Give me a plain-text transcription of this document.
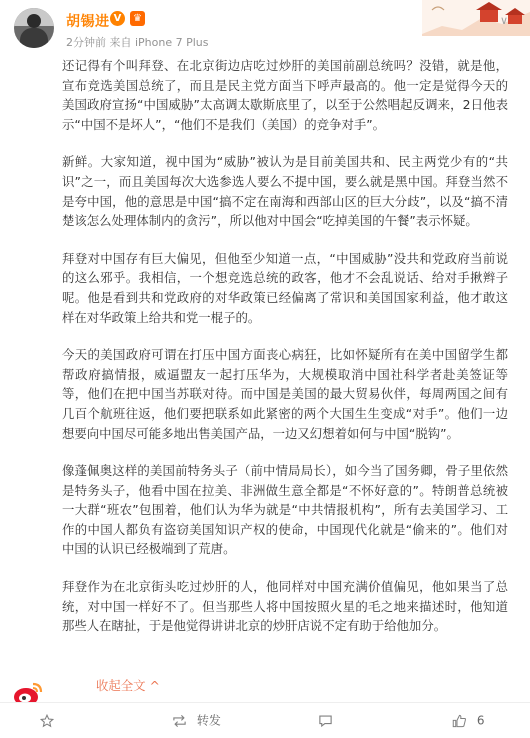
胡锡进 V	♛
2分钟前 来自 iPhone 7 Plus
∨

还记得有个叫拜登、在北京街边店吃过炒肝的美国前副总统吗？没错，就是他，宣布竞选美国总统了，而且是民主党方面当下呼声最高的。他一定是觉得今天的美国政府宣扬“中国威胁”太高调太歇斯底里了，以至于公然唱起反调来，2日他表示“中国不是坏人”，“他们不是我们（美国）的竞争对手”。

新鲜。大家知道，视中国为“威胁”被认为是目前美国共和、民主两党少有的“共识”之一，而且美国每次大选参选人要么不提中国，要么就是黑中国。拜登当然不是夸中国，他的意思是中国“搞不定在南海和西部山区的巨大分歧”，以及“搞不清楚该怎么处理体制内的贪污”，所以他对中国会“吃掉美国的午餐”表示怀疑。

拜登对中国存有巨大偏见，但他至少知道一点，“中国威胁”没共和党政府当前说的这么邪乎。我相信，一个想竞选总统的政客，他才不会乱说话、给对手揪辫子呢。他是看到共和党政府的对华政策已经偏离了常识和美国国家利益，他才敢这样在对华政策上给共和党一棍子的。

今天的美国政府可谓在打压中国方面丧心病狂，比如怀疑所有在美中国留学生都帮政府搞情报，威逼盟友一起打压华为，大规模取消中国社科学者赴美签证等等，他们在把中国当苏联对待。而中国是美国的最大贸易伙伴，每周两国之间有几百个航班往返，他们要把联系如此紧密的两个大国生生变成“对手”。他们一边想要向中国尽可能多地出售美国产品，一边又幻想着如何与中国“脱钩”。

像蓬佩奥这样的美国前特务头子（前中情局局长），如今当了国务卿，骨子里依然是特务头子，他看中国在拉美、非洲做生意全都是“不怀好意的”。特朗普总统被一大群“班农”包围着，他们认为华为就是“中共情报机构”，所有去美国学习、工作的中国人都负有盗窃美国知识产权的使命，中国现代化就是“偷来的”。他们对中国的认识已经极端到了荒唐。

拜登作为在北京街头吃过炒肝的人，他同样对中国充满价值偏见，他如果当了总统，对中国一样好不了。但当那些人将中国按照火星的毛之地来描述时，他知道那些人在瞎扯，于是他觉得讲讲北京的炒肝店说不定有助于给他加分。

收起全文 ^
转发	6
